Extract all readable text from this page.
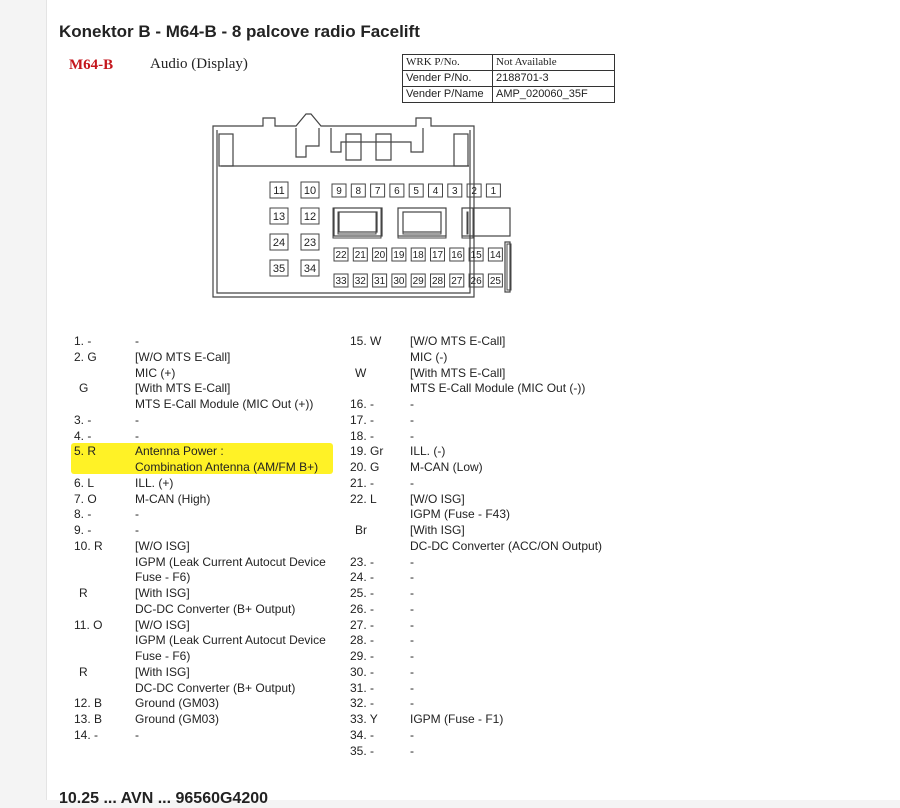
Konektor B - M64-B - 8 palcove radio Facelift
M64-B Audio (Display)	WRK P/No.	Not Available
Vender P/No.	2188701-3
Vender P/Name	AMP_020060_35F
11 10
13 12
24 23
35 34
9 8 7 6 5 4 3 2 1
22 21 20 19 18 17 16 15 14
33 32 31 30 29 28 27 26 25
1. -	-
2. G	[W/O MTS E-Call]
MIC (+)
G	[With MTS E-Call]
MTS E-Call Module (MIC Out (+))
3. -	-
4. -	-
5. R	Antenna Power :
Combination Antenna (AM/FM B+)
6. L	ILL. (+)
7. O	M-CAN (High)
8. -	-
9. -	-
10. R	[W/O ISG]
IGPM (Leak Current Autocut Device
Fuse - F6)
R	[With ISG]
DC-DC Converter (B+ Output)
11. O	[W/O ISG]
IGPM (Leak Current Autocut Device
Fuse - F6)
R	[With ISG]
DC-DC Converter (B+ Output)
12. B	Ground (GM03)
13. B	Ground (GM03)
14. -	-
15. W [W/O MTS E-Call]
MIC (-)
W	[With MTS E-Call]
MTS E-Call Module (MIC Out (-))
16. -	-
17. -	-
18. -	-
19. Gr ILL. (-)
20. G	M-CAN (Low)
21. -	-
22. L	[W/O ISG]
IGPM (Fuse - F43)
Br	[With ISG]
DC-DC Converter (ACC/ON Output)
23. -	-
24. -	-
25. -	-
26. -	-
27. -	-
28. -	-
29. -	-
30. -	-
31. -	-
32. -	-
33. Y	IGPM (Fuse - F1)
34. -	-
35. -	-
10.25 ... AVN ... 96560G4200
